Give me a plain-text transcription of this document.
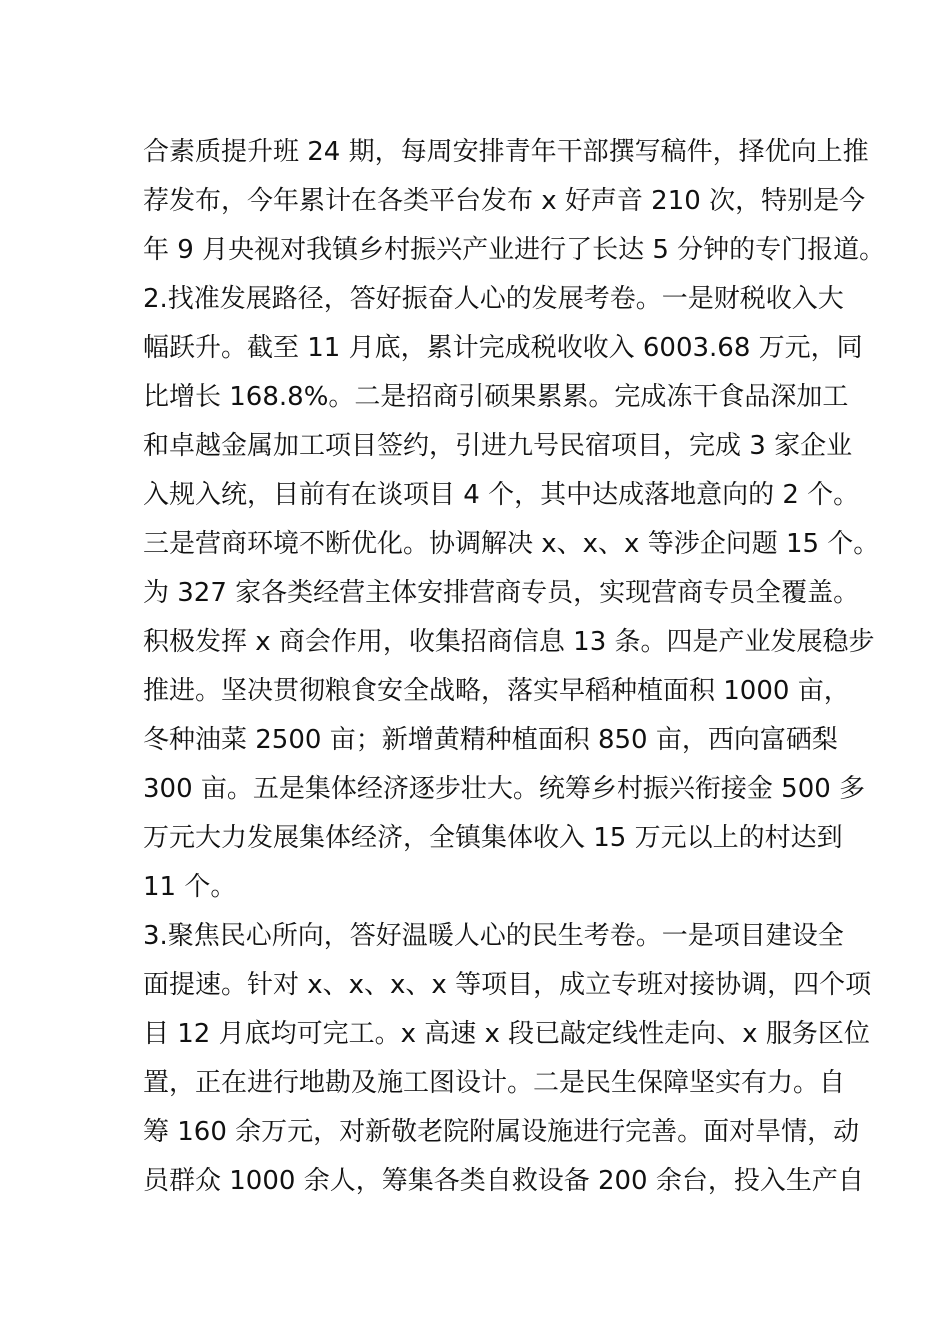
合素质提升班 24 期，每周安排青年干部撰写稿件，择优向上推
荐发布，今年累计在各类平台发布 x 好声音 210 次，特别是今
年 9 月央视对我镇乡村振兴产业进行了长达 5 分钟的专门报道。
2.找准发展路径，答好振奋人心的发展考卷。一是财税收入大
幅跃升。截至 11 月底，累计完成税收收入 6003.68 万元，同
比增长 168.8%。二是招商引硕果累累。完成冻干食品深加工
和卓越金属加工项目签约，引进九号民宿项目，完成 3 家企业
入规入统，目前有在谈项目 4 个，其中达成落地意向的 2 个。
三是营商环境不断优化。协调解决 x、x、x 等涉企问题 15 个。
为 327 家各类经营主体安排营商专员，实现营商专员全覆盖。
积极发挥 x 商会作用，收集招商信息 13 条。四是产业发展稳步
推进。坚决贯彻粮食安全战略，落实早稻种植面积 1000 亩，
冬种油菜 2500 亩；新增黄精种植面积 850 亩，西向富硒梨
300 亩。五是集体经济逐步壮大。统筹乡村振兴衔接金 500 多
万元大力发展集体经济，全镇集体收入 15 万元以上的村达到
11 个。
3.聚焦民心所向，答好温暖人心的民生考卷。一是项目建设全
面提速。针对 x、x、x、x 等项目，成立专班对接协调，四个项
目 12 月底均可完工。x 高速 x 段已敲定线性走向、x 服务区位
置，正在进行地勘及施工图设计。二是民生保障坚实有力。自
筹 160 余万元，对新敬老院附属设施进行完善。面对旱情，动
员群众 1000 余人，筹集各类自救设备 200 余台，投入生产自
